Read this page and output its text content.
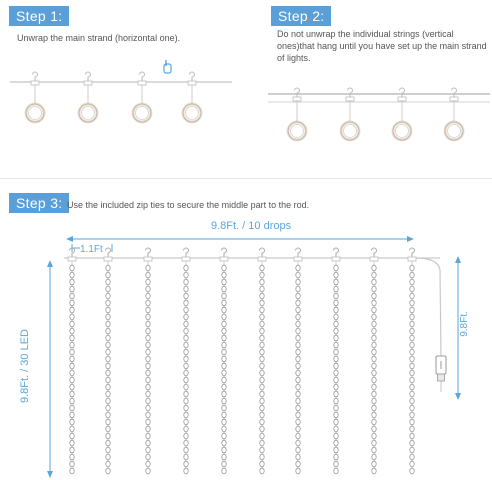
Step 1:
Unwrap the main strand (horizontal one).
Step 2:
Do not unwrap the individual strings (vertical ones)that hang until you have set up the main strand of lights.
Step 3: Use the included zip ties to secure the middle part to the rod.
9.8Ft. / 10 drops
1.1Ft
9.8Ft. / 30 LED
9.8Ft.
